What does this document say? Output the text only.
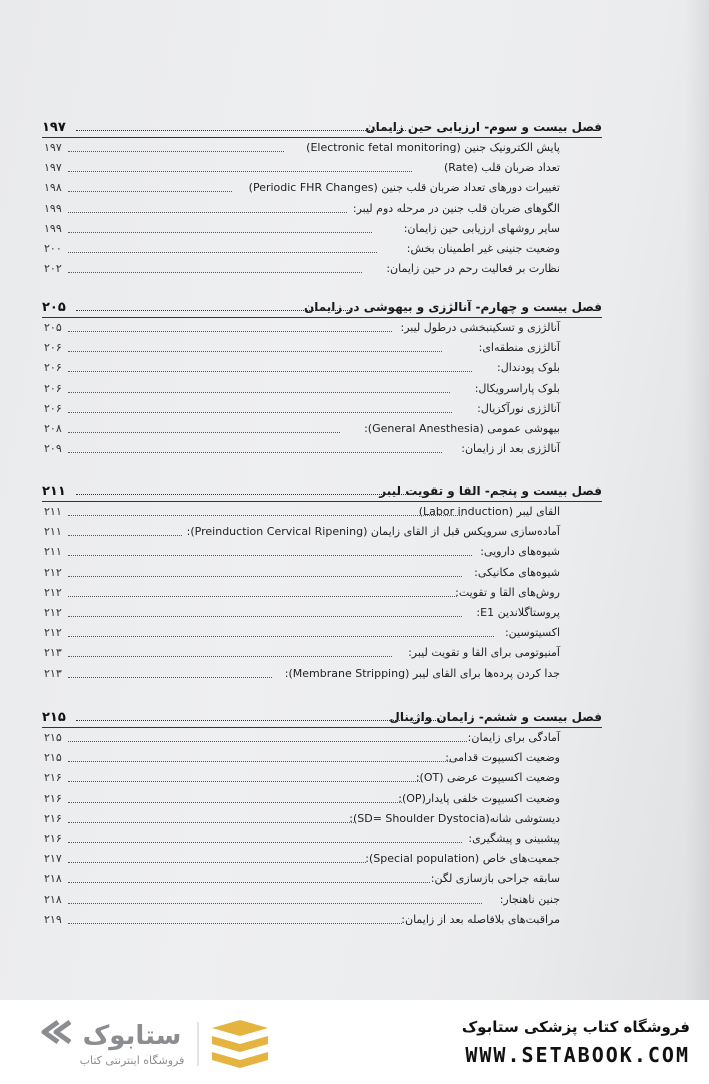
فصل بیست و سوم- ارزیابی حین زایمان
۱۹۷
پایش الکترونیک جنین (Electronic fetal monitoring)
۱۹۷
تعداد ضربان قلب (Rate)
۱۹۷
تغییرات دورهای تعداد ضربان قلب جنین (Periodic FHR Changes)
۱۹۸
الگوهای ضربان قلب جنین در مرحله دوم لیبر:
۱۹۹
سایر روشهای ارزیابی حین زایمان:
۱۹۹
وضعیت جنینی غیر اطمینان بخش:
۲۰۰
نظارت بر فعالیت رحم در حین زایمان:
۲۰۲
فصل بیست و چهارم- آنالژزی و بیهوشی در زایمان
۲۰۵
آنالژزی و تسکینبخشی درطول لیبر:
۲۰۵
آنالژزی منطقه‌ای:
۲۰۶
بلوک پودندال:
۲۰۶
بلوک پاراسرویکال:
۲۰۶
آنالژزی نورآکزیال:
۲۰۶
بیهوشی عمومی (General Anesthesia):
۲۰۸
آنالژزی بعد از زایمان:
۲۰۹
فصل بیست و پنجم- القا و تقویت لیبر
۲۱۱
القای لیبر (Labor induction)
۲۱۱
آماده‌سازی سرویکس قبل از القای زایمان (Preinduction Cervical Ripening):
۲۱۱
شیوه‌های دارویی:
۲۱۱
شیوه‌های مکانیکی:
۲۱۲
روش‌های القا و تقویت:
۲۱۲
پروستاگلاندین E1:
۲۱۲
اکسیتوسین:
۲۱۲
آمنیوتومی برای القا و تقویت لیبر:
۲۱۳
جدا کردن پرده‌ها برای القای لیبر (Membrane Stripping):
۲۱۳
فصل بیست و ششم- زایمان واژینال
۲۱۵
آمادگی برای زایمان:
۲۱۵
وضعیت اکسیپوت قدامی:
۲۱۵
وضعیت اکسیپوت عرضی (OT):
۲۱۶
وضعیت اکسیپوت خلفی پایدار(OP):
۲۱۶
دیستوشی شانه(SD= Shoulder Dystocia):
۲۱۶
پیشبینی و پیشگیری:
۲۱۶
جمعیت‌های خاص (Special population):
۲۱۷
سابقه جراحی بازسازی لگن:
۲۱۸
جنین ناهنجار:
۲۱۸
مراقبت‌های بلافاصله بعد از زایمان:
۲۱۹
ستابوک
فروشگاه اینترنتی کتاب
فروشگاه کتاب پزشکی ستابوک
WWW.SETABOOK.COM
